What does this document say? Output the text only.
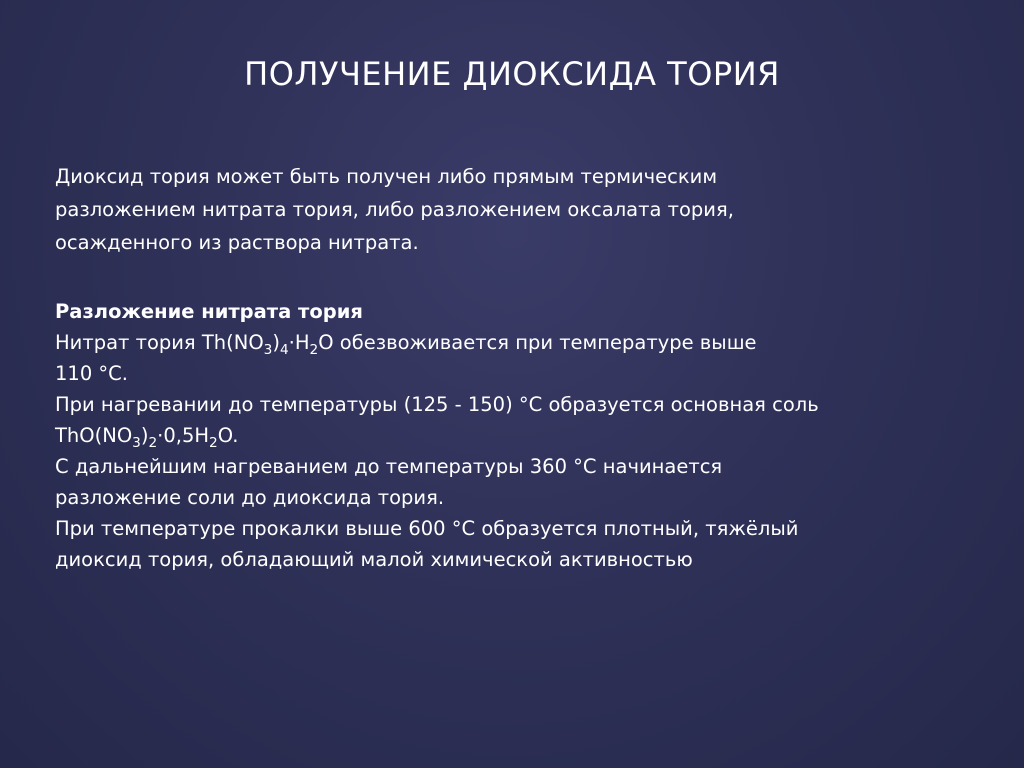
ПОЛУЧЕНИЕ ДИОКСИДА ТОРИЯ
Диоксид тория может быть получен либо прямым термическим
разложением нитрата тория, либо разложением оксалата тория,
осажденного из раствора нитрата.
Разложение нитрата тория
Нитрат тория $Th(NO_3)_4\cdot H_2O$ обезвоживается при температуре выше
110 °C.
При нагревании до температуры (125 - 150) °C образуется основная соль
$ThO(NO_3)_2\cdot 0,5H_2O$.
С дальнейшим нагреванием до температуры 360 °C начинается
разложение соли до диоксида тория.
При температуре прокалки выше 600 °C образуется плотный, тяжёлый
диоксид тория, обладающий малой химической активностью
